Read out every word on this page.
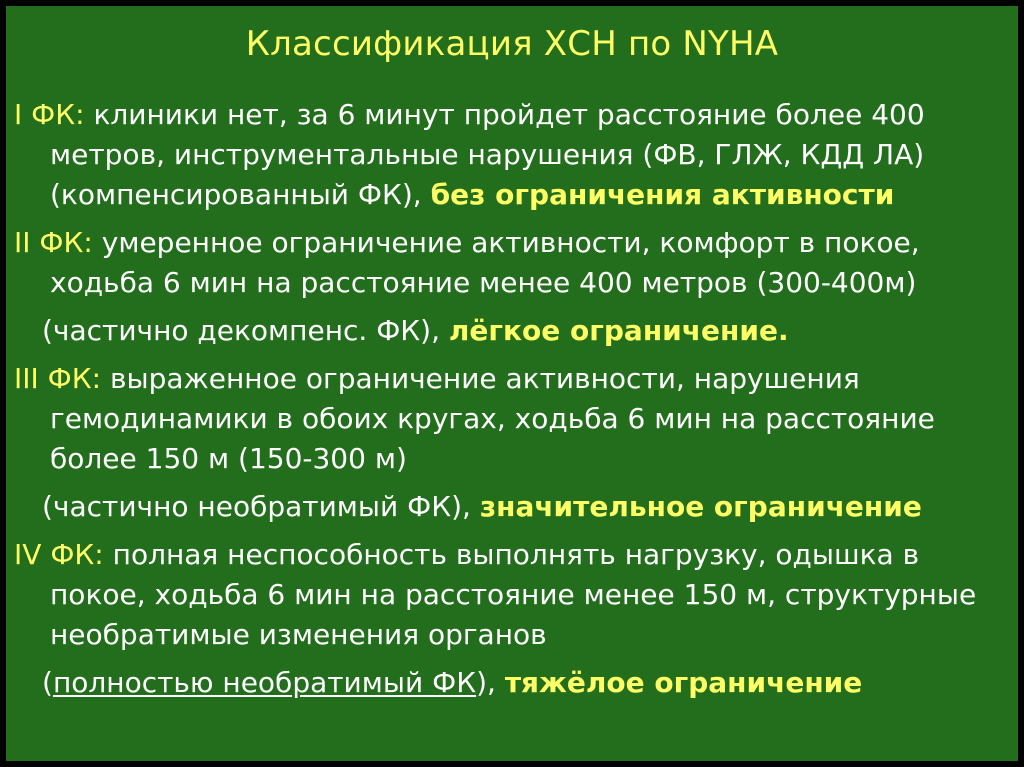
Классификация ХСН по NYHA
I ФК: клиники нет, за 6 минут пройдет расстояние более 400 метров, инструментальные нарушения (ФВ, ГЛЖ, КДД ЛА) (компенсированный ФК), без ограничения активности
II ФК: умеренное ограничение активности, комфорт в покое, ходьба 6 мин на расстояние менее 400 метров (300-400м)
(частично декомпенс. ФК), лёгкое ограничение.
III ФК: выраженное ограничение активности, нарушения гемодинамики в обоих кругах, ходьба 6 мин на расстояние более 150 м (150-300 м)
(частично необратимый ФК), значительное ограничение
IV ФК: полная неспособность выполнять нагрузку, одышка в покое, ходьба 6 мин на расстояние менее 150 м, структурные необратимые изменения органов
(полностью необратимый ФК), тяжёлое ограничение
